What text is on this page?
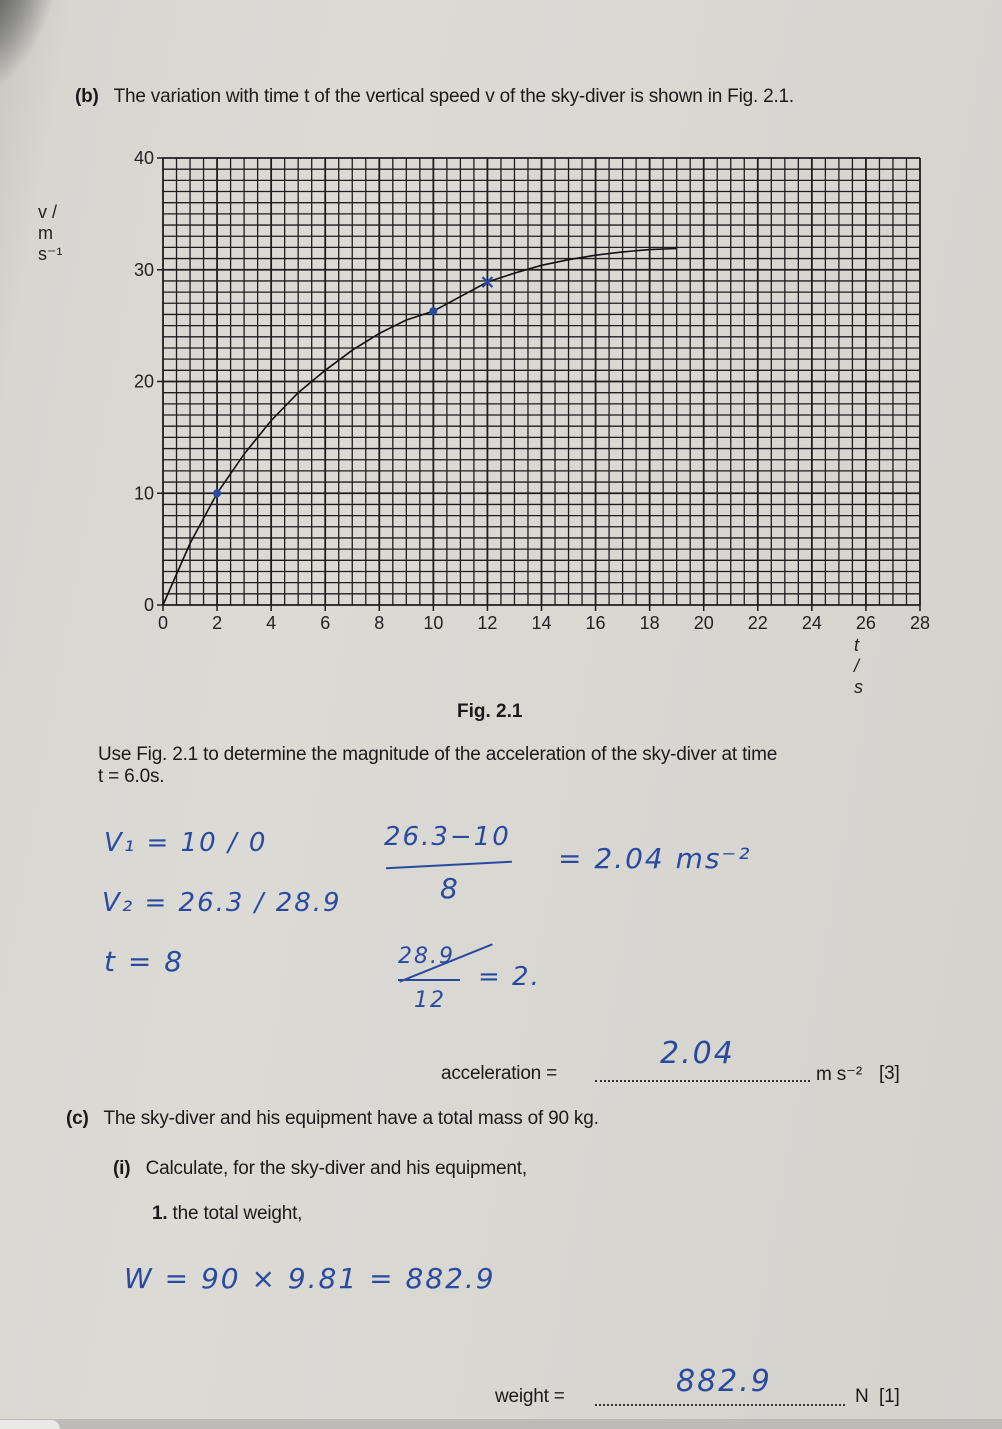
(b) The variation with time t of the vertical speed v of the sky-diver is shown in Fig. 2.1.
0 2 4 6 8 10 12 14 16 18 20 22 24 26 28
0
10
20
30
40
v / m s⁻¹
t / s
Fig. 2.1
Use Fig. 2.1 to determine the magnitude of the acceleration of the sky-diver at time
t = 6.0s.
V₁ = 10 / 0
V₂ = 26.3 / 28.9
t = 8
26.3−10
8
= 2.04 ms⁻²
28.9
12
= 2.
acceleration =
2.04
m s⁻² [3]
(c) The sky-diver and his equipment have a total mass of 90 kg.
(i) Calculate, for the sky-diver and his equipment,
1. the total weight,
W = 90 × 9.81 = 882.9
weight =	882.9	N [1]
